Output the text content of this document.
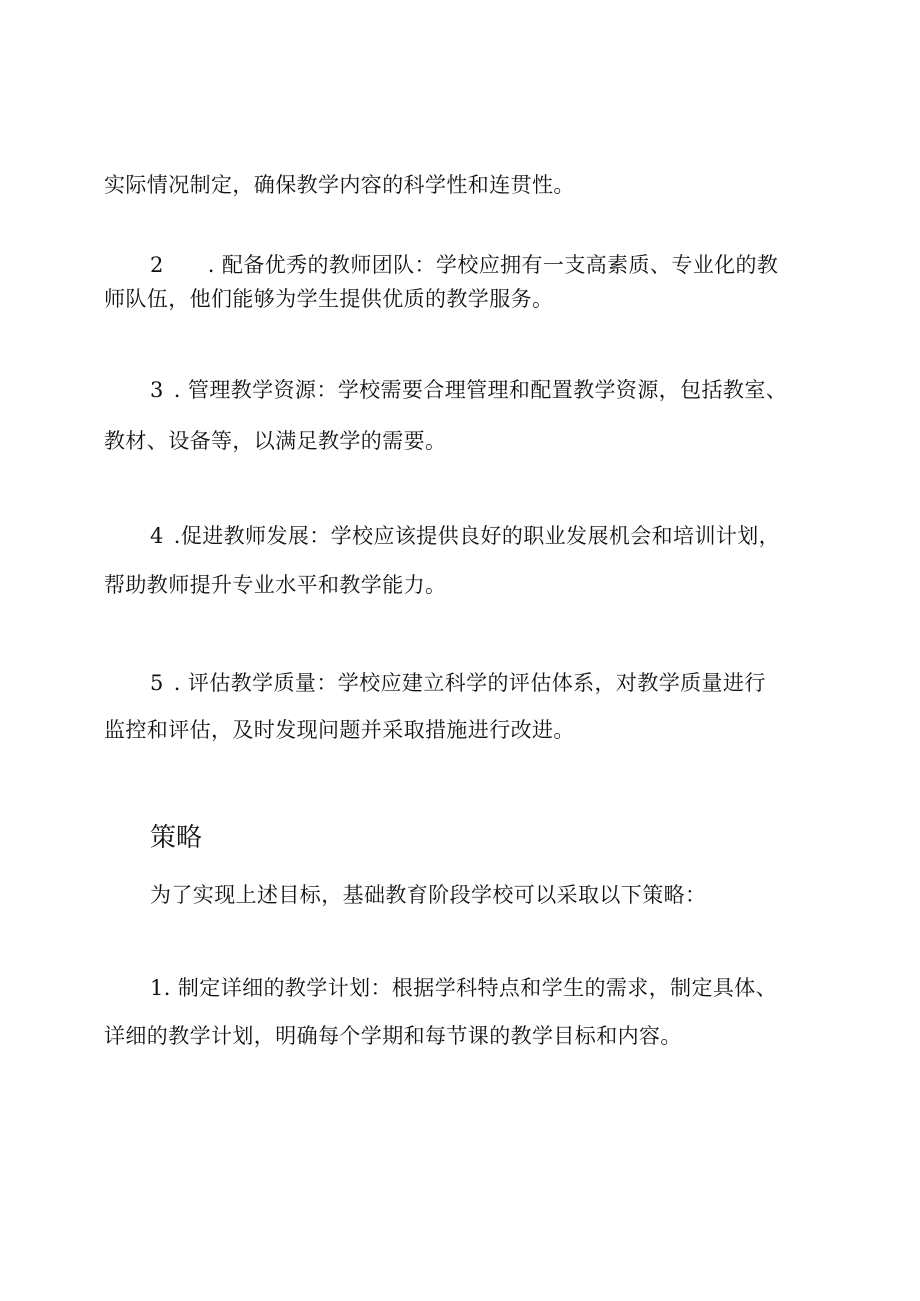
实际情况制定，确保教学内容的科学性和连贯性。
2 . 配备优秀的教师团队：学校应拥有一支高素质、专业化的教
师队伍，他们能够为学生提供优质的教学服务。
3 . 管理教学资源：学校需要合理管理和配置教学资源，包括教室、
教材、设备等，以满足教学的需要。
4 .促进教师发展：学校应该提供良好的职业发展机会和培训计划，
帮助教师提升专业水平和教学能力。
5 . 评估教学质量：学校应建立科学的评估体系，对教学质量进行
监控和评估，及时发现问题并采取措施进行改进。
策略
为了实现上述目标，基础教育阶段学校可以采取以下策略：
1. 制定详细的教学计划：根据学科特点和学生的需求，制定具体、
详细的教学计划，明确每个学期和每节课的教学目标和内容。
